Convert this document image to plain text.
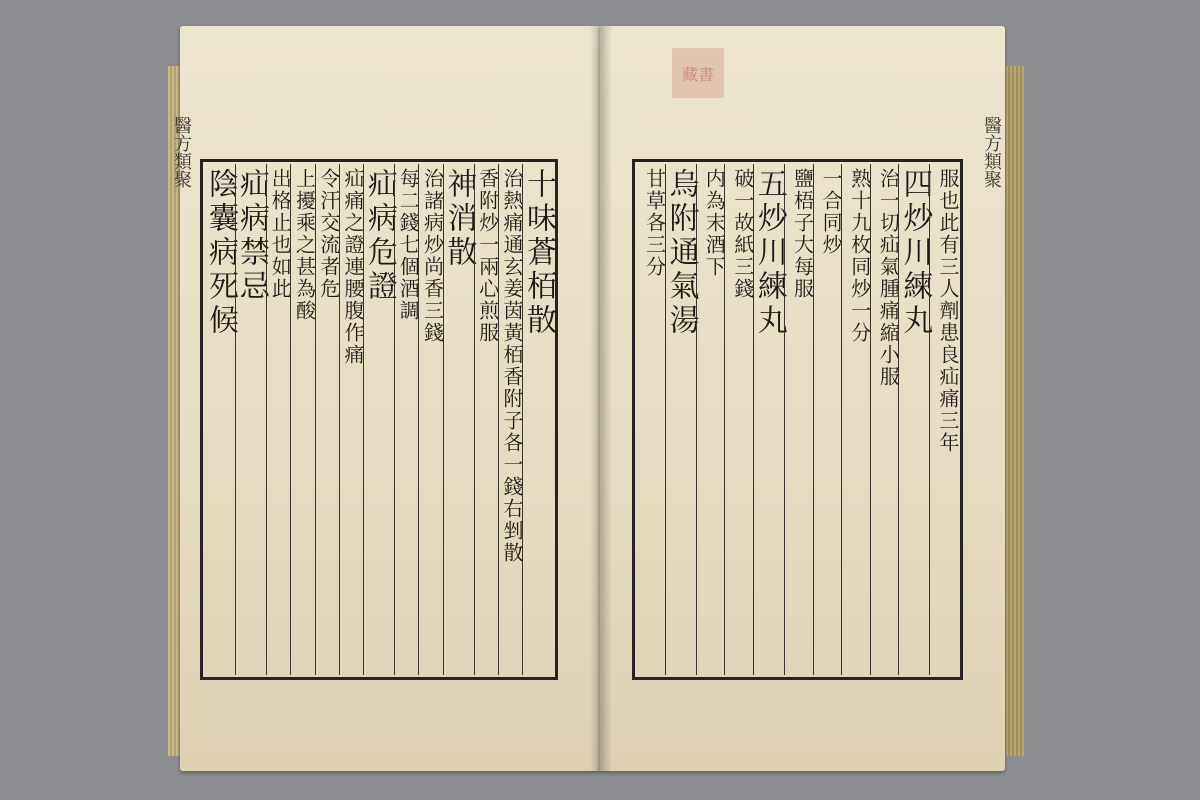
醫方類聚	醫方類聚
藏書
十味蒼栢散
治熱痛通玄姜茵黃栢香附子各一錢右剉散
香附炒一兩心煎服
神消散
治諸病炒尚香三錢
每二錢七個酒調
疝病危證
疝痛之證連腰腹作痛
令汗交流者危
上擾乘之甚為酸
出格止也如此
疝病禁忌
陰囊病死候	服也此有三人劑患良疝痛三年
四炒川練丸
治一切疝氣腫痛縮小服
熟十九枚同炒一分
一合同炒
鹽梧子大每服
五炒川練丸
破一故紙三錢
内為末酒下
烏附通氣湯
甘草各三分
